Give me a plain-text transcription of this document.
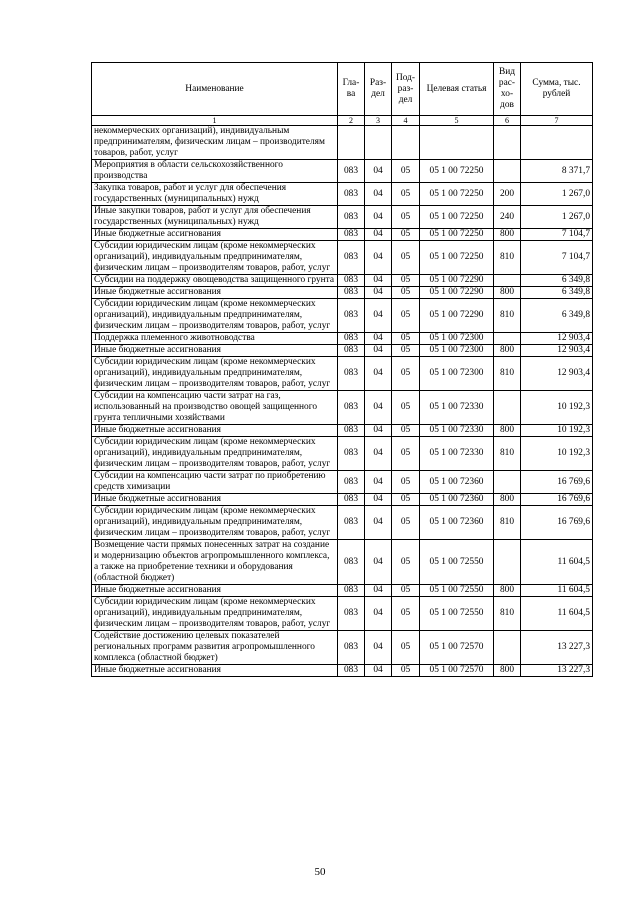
Наименование	Гла-ва	Раз-дел	Под-раз-дел	Целевая статья	Вид рас-хо-дов	Сумма, тыс. рублей
1	2	3	4	5	6	7
некоммерческих организаций), индивидуальным предпринимателям, физическим лицам – производителям товаров, работ, услуг						
Мероприятия в области сельскохозяйственного производства	083	04	05	05 1 00 72250		8 371,7
Закупка товаров, работ и услуг для обеспечения государственных (муниципальных) нужд	083	04	05	05 1 00 72250	200	1 267,0
Иные закупки товаров, работ и услуг для обеспечения государственных (муниципальных) нужд	083	04	05	05 1 00 72250	240	1 267,0
Иные бюджетные ассигнования	083	04	05	05 1 00 72250	800	7 104,7
Субсидии юридическим лицам (кроме некоммерческих организаций), индивидуальным предпринимателям, физическим лицам – производителям товаров, работ, услуг	083	04	05	05 1 00 72250	810	7 104,7
Субсидии на поддержку овощеводства защищенного грунта	083	04	05	05 1 00 72290		6 349,8
Иные бюджетные ассигнования	083	04	05	05 1 00 72290	800	6 349,8
Субсидии юридическим лицам (кроме некоммерческих организаций), индивидуальным предпринимателям, физическим лицам – производителям товаров, работ, услуг	083	04	05	05 1 00 72290	810	6 349,8
Поддержка племенного животноводства	083	04	05	05 1 00 72300		12 903,4
Иные бюджетные ассигнования	083	04	05	05 1 00 72300	800	12 903,4
Субсидии юридическим лицам (кроме некоммерческих организаций), индивидуальным предпринимателям, физическим лицам – производителям товаров, работ, услуг	083	04	05	05 1 00 72300	810	12 903,4
Субсидии на компенсацию части затрат на газ, использованный на производство овощей защищенного грунта тепличными хозяйствами	083	04	05	05 1 00 72330		10 192,3
Иные бюджетные ассигнования	083	04	05	05 1 00 72330	800	10 192,3
Субсидии юридическим лицам (кроме некоммерческих организаций), индивидуальным предпринимателям, физическим лицам – производителям товаров, работ, услуг	083	04	05	05 1 00 72330	810	10 192,3
Субсидии на компенсацию части затрат по приобретению средств химизации	083	04	05	05 1 00 72360		16 769,6
Иные бюджетные ассигнования	083	04	05	05 1 00 72360	800	16 769,6
Субсидии юридическим лицам (кроме некоммерческих организаций), индивидуальным предпринимателям, физическим лицам – производителям товаров, работ, услуг	083	04	05	05 1 00 72360	810	16 769,6
Возмещение части прямых понесенных затрат на создание и модернизацию объектов агропромышленного комплекса, а также на приобретение техники и оборудования (областной бюджет)	083	04	05	05 1 00 72550		11 604,5
Иные бюджетные ассигнования	083	04	05	05 1 00 72550	800	11 604,5
Субсидии юридическим лицам (кроме некоммерческих организаций), индивидуальным предпринимателям, физическим лицам – производителям товаров, работ, услуг	083	04	05	05 1 00 72550	810	11 604,5
Содействие достижению целевых показателей региональных программ развития агропромышленного комплекса (областной бюджет)	083	04	05	05 1 00 72570		13 227,3
Иные бюджетные ассигнования	083	04	05	05 1 00 72570	800	13 227,3
50
